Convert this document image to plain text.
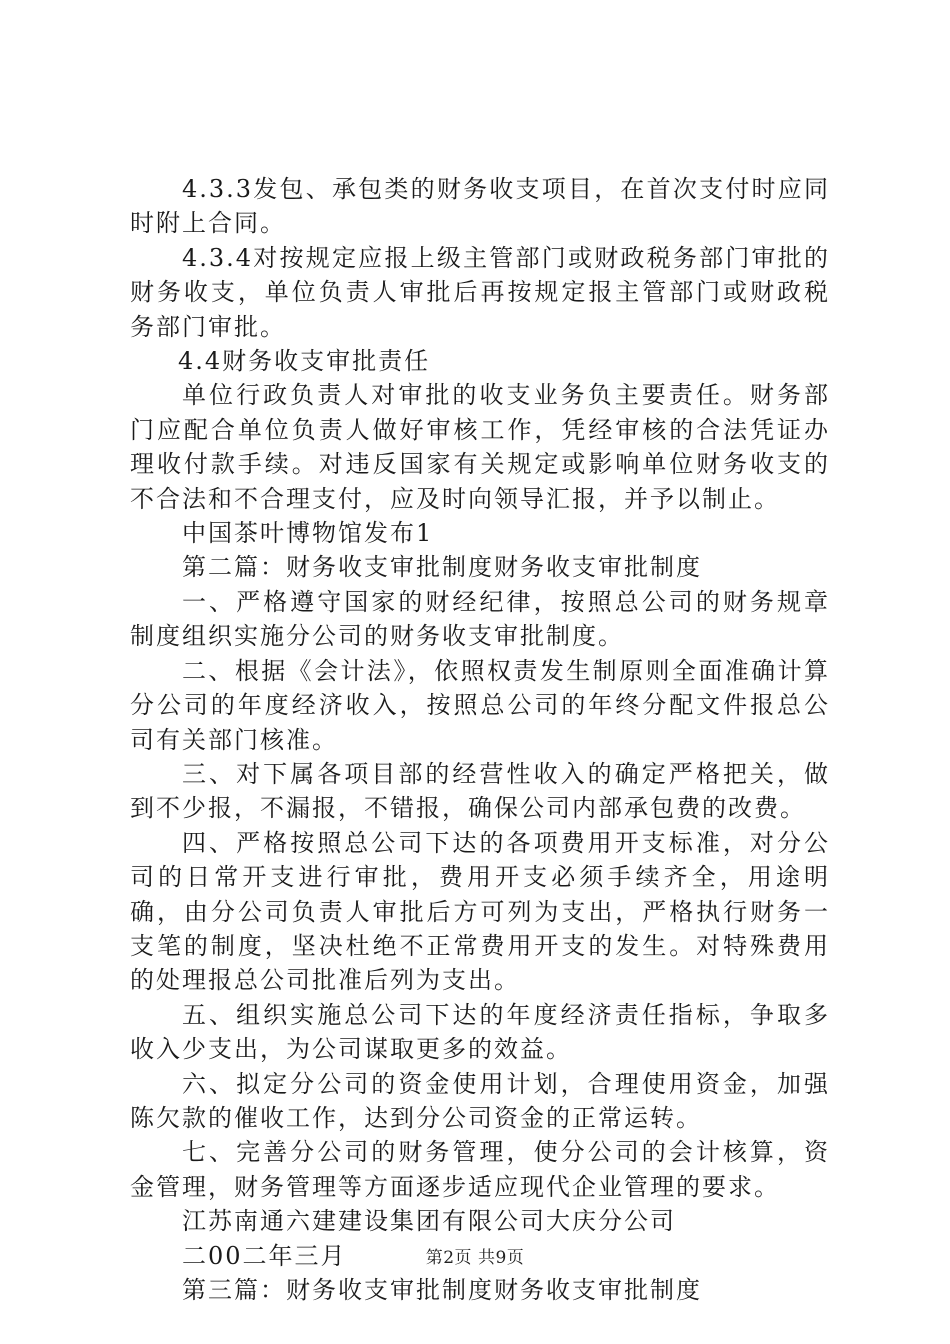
4.3.3发包、承包类的财务收支项目，在首次支付时应同时附上合同。

4.3.4对按规定应报上级主管部门或财政税务部门审批的财务收支，单位负责人审批后再按规定报主管部门或财政税务部门审批。

4.4财务收支审批责任

单位行政负责人对审批的收支业务负主要责任。财务部门应配合单位负责人做好审核工作，凭经审核的合法凭证办理收付款手续。对违反国家有关规定或影响单位财务收支的不合法和不合理支付，应及时向领导汇报，并予以制止。

中国茶叶博物馆发布1

第二篇：财务收支审批制度财务收支审批制度

一、严格遵守国家的财经纪律，按照总公司的财务规章制度组织实施分公司的财务收支审批制度。

二、根据《会计法》，依照权责发生制原则全面准确计算分公司的年度经济收入，按照总公司的年终分配文件报总公司有关部门核准。

三、对下属各项目部的经营性收入的确定严格把关，做到不少报，不漏报，不错报，确保公司内部承包费的改费。

四、严格按照总公司下达的各项费用开支标准，对分公司的日常开支进行审批，费用开支必须手续齐全，用途明确，由分公司负责人审批后方可列为支出，严格执行财务一支笔的制度，坚决杜绝不正常费用开支的发生。对特殊费用的处理报总公司批准后列为支出。

五、组织实施总公司下达的年度经济责任指标，争取多收入少支出，为公司谋取更多的效益。

六、拟定分公司的资金使用计划，合理使用资金，加强陈欠款的催收工作，达到分公司资金的正常运转。

七、完善分公司的财务管理，使分公司的会计核算，资金管理，财务管理等方面逐步适应现代企业管理的要求。

江苏南通六建建设集团有限公司大庆分公司

二00二年三月

第三篇：财务收支审批制度财务收支审批制度

第2页 共9页
